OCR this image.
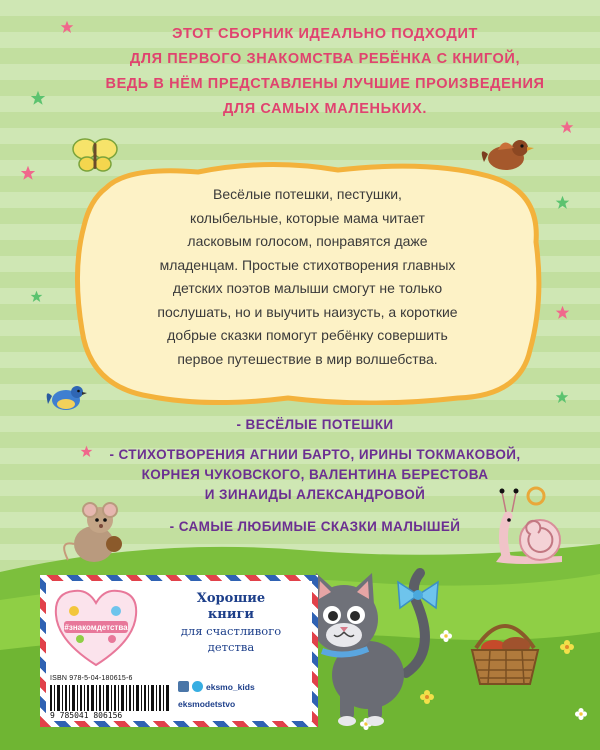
ЭТОТ СБОРНИК ИДЕАЛЬНО ПОДХОДИТ
ДЛЯ ПЕРВОГО ЗНАКОМСТВА РЕБЁНКА С КНИГОЙ,
ВЕДЬ В НЁМ ПРЕДСТАВЛЕНЫ ЛУЧШИЕ ПРОИЗВЕДЕНИЯ
ДЛЯ САМЫХ МАЛЕНЬКИХ.

Весёлые потешки, пестушки,
колыбельные, которые мама читает
ласковым голосом, понравятся даже
младенцам. Простые стихотворения главных
детских поэтов малыши смогут не только
послушать, но и выучить наизусть, а короткие
добрые сказки помогут ребёнку совершить
первое путешествие в мир волшебства.

- ВЕСЁЛЫЕ ПОТЕШКИ

- СТИХОТВОРЕНИЯ АГНИИ БАРТО, ИРИНЫ ТОКМАКОВОЙ,
КОРНЕЯ ЧУКОВСКОГО, ВАЛЕНТИНА БЕРЕСТОВА
И ЗИНАИДЫ АЛЕКСАНДРОВОЙ

- САМЫЕ ЛЮБИМЫЕ СКАЗКИ МАЛЫШЕЙ

#знакомдетства

Хорошие
книги
для счастливого
детства

ISBN 978-5-04-180615-6
9 785041 806156
eksmo_kids
eksmodetstvo
